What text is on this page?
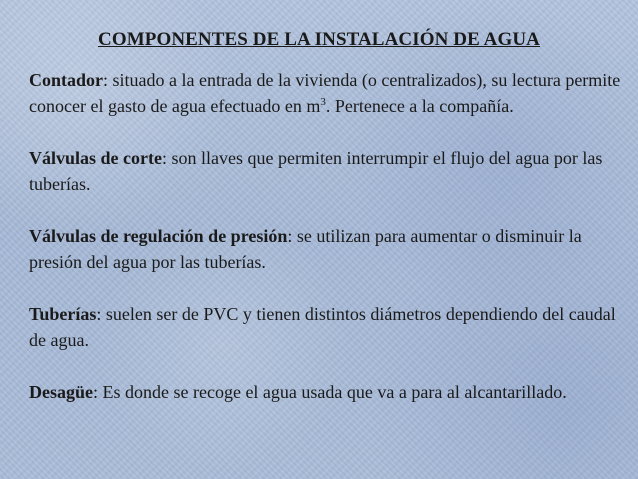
COMPONENTES DE LA INSTALACIÓN DE AGUA

Contador: situado a la entrada de la vivienda (o centralizados), su lectura permite conocer el gasto de agua efectuado en $m^3$. Pertenece a la compañía.

Válvulas de corte: son llaves que permiten interrumpir el flujo del agua por las tuberías.

Válvulas de regulación de presión: se utilizan para aumentar o disminuir la presión del agua por las tuberías.

Tuberías: suelen ser de PVC y tienen distintos diámetros dependiendo del caudal de agua.

Desagüe: Es donde se recoge el agua usada que va a para al alcantarillado.
